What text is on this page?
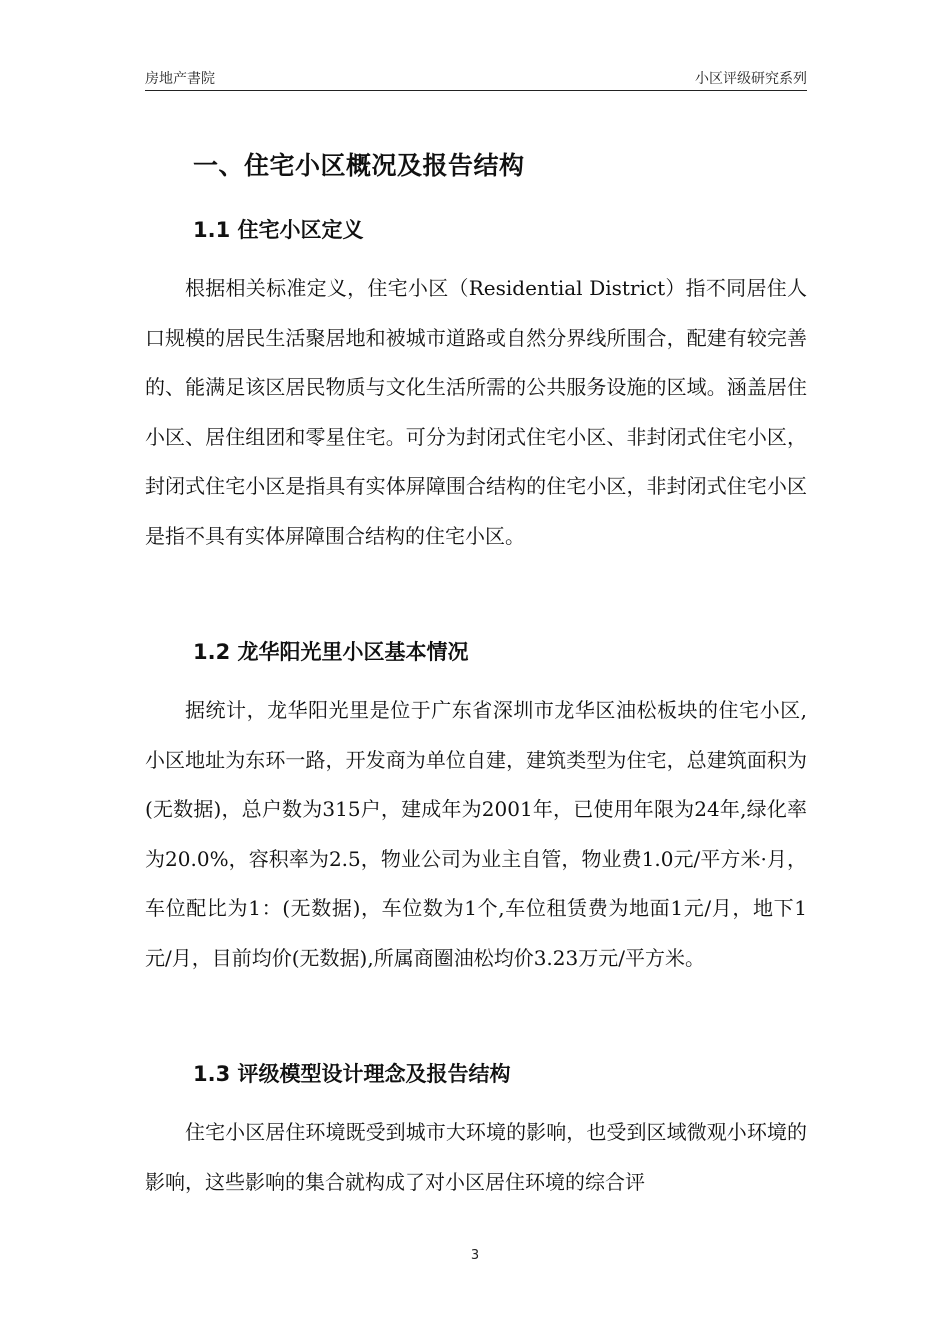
房地产書院	小区评级研究系列
一、住宅小区概况及报告结构
1.1 住宅小区定义

根据相关标准定义，住宅小区（Residential District）指不同居住人口规模的居民生活聚居地和被城市道路或自然分界线所围合，配建有较完善的、能满足该区居民物质与文化生活所需的公共服务设施的区域。涵盖居住小区、居住组团和零星住宅。可分为封闭式住宅小区、非封闭式住宅小区，封闭式住宅小区是指具有实体屏障围合结构的住宅小区，非封闭式住宅小区是指不具有实体屏障围合结构的住宅小区。

1.2 龙华阳光里小区基本情况

据统计，龙华阳光里是位于广东省深圳市龙华区油松板块的住宅小区,小区地址为东环一路，开发商为单位自建，建筑类型为住宅，总建筑面积为(无数据)，总户数为315户，建成年为2001年，已使用年限为24年,绿化率为20.0%，容积率为2.5，物业公司为业主自管，物业费1.0元/平方米·月，车位配比为1：(无数据)，车位数为1个,车位租赁费为地面1元/月，地下1元/月，目前均价(无数据),所属商圈油松均价3.23万元/平方米。

1.3 评级模型设计理念及报告结构

住宅小区居住环境既受到城市大环境的影响，也受到区域微观小环境的影响，这些影响的集合就构成了对小区居住环境的综合评

3
